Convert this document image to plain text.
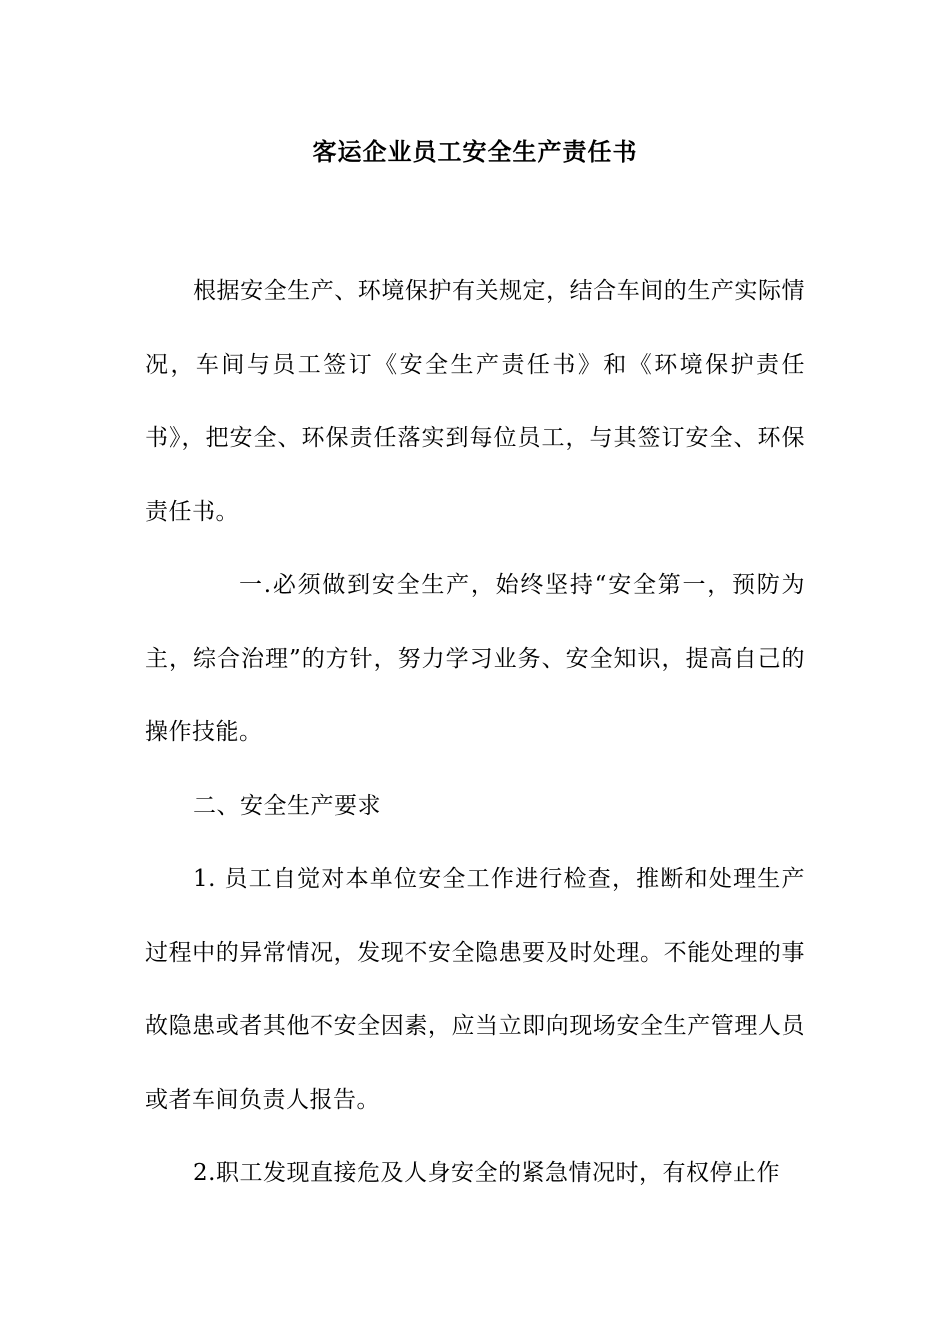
客运企业员工安全生产责任书

根据安全生产、环境保护有关规定，结合车间的生产实际情况，车间与员工签订《安全生产责任书》和《环境保护责任书》，把安全、环保责任落实到每位员工，与其签订安全、环保责任书。

一.必须做到安全生产，始终坚持“安全第一，预防为主，综合治理”的方针，努力学习业务、安全知识，提高自己的操作技能。

二、安全生产要求

1. 员工自觉对本单位安全工作进行检查，推断和处理生产过程中的异常情况，发现不安全隐患要及时处理。不能处理的事故隐患或者其他不安全因素，应当立即向现场安全生产管理人员或者车间负责人报告。

2.职工发现直接危及人身安全的紧急情况时，有权停止作
